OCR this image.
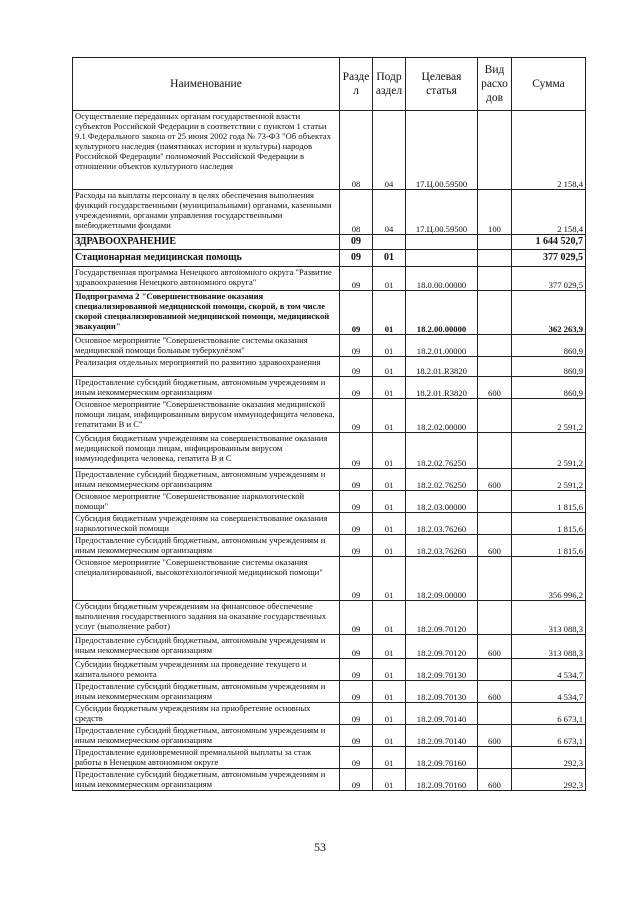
Наименование	Разде л	Подр аздел	Целевая статья	Вид расхо дов	Сумма
Осуществление переданных органам государственной власти субъектов Российской Федерации в соответствии с пунктом 1 статьи 9.1 Федерального закона от 25 июня 2002 года № 73-ФЗ "Об объектах культурного наследия (памятниках истории и культуры) народов Российской Федерации" полномочий Российской Федерации в отношении объектов культурного наследия	08	04	17.Ц.00.59500		2 158,4
Расходы на выплаты персоналу в целях обеспечения выполнения функций государственными (муниципальными) органами, казенными учреждениями, органами управления государственными внебюджетными фондами	08	04	17.Ц.00.59500	100	2 158,4
ЗДРАВООХРАНЕНИЕ	09				1 644 520,7
Стационарная медицинская помощь	09	01			377 029,5
Государственная программа Ненецкого автономного округа "Развитие здравоохранения Ненецкого автономного округа"	09	01	18.0.00.00000		377 029,5
Подпрограмма 2 "Совершенствование оказания специализированной медицинской помощи, скорой, в том числе скорой специализированной медицинской помощи, медицинской эвакуации"	09	01	18.2.00.00000		362 263,9
Основное мероприятие "Совершенствование системы оказания медицинской помощи больным туберкулёзом"	09	01	18.2.01.00000		860,9
Реализация отдельных мероприятий по развитию здравоохранения	09	01	18.2.01.R3820		860,9
Предоставление субсидий бюджетным, автономным учреждениям и иным некоммерческим организациям	09	01	18.2.01.R3820	600	860,9
Основное мероприятие "Совершенствование оказания медицинской помощи лицам, инфицированным вирусом иммунодефицита человека, гепатитами В и С"	09	01	18.2.02.00000		2 591,2
Субсидия бюджетным учреждениям на совершенствование оказания медицинской помощи лицам, инфицированным вирусом иммунодефицита человека, гепатита В и С	09	01	18.2.02.76250		2 591,2
Предоставление субсидий бюджетным, автономным учреждениям и иным некоммерческим организациям	09	01	18.2.02.76250	600	2 591,2
Основное мероприятие "Совершенствование наркологической помощи"	09	01	18.2.03.00000		1 815,6
Субсидия бюджетным учреждениям на совершенствование оказания наркологической помощи	09	01	18.2.03.76260		1 815,6
Предоставление субсидий бюджетным, автономным учреждениям и иным некоммерческим организациям	09	01	18.2.03.76260	600	1 815,6
Основное мероприятие "Совершенствование системы оказания специализированной, высокотехнологичной медицинской помощи"	09	01	18.2.09.00000		356 996,2
Субсидии бюджетным учреждениям на финансовое обеспечение выполнения государственного задания на оказание государственных услуг (выполнение работ)	09	01	18.2.09.70120		313 088,3
Предоставление субсидий бюджетным, автономным учреждениям и иным некоммерческим организациям	09	01	18.2.09.70120	600	313 088,3
Субсидии бюджетным учреждениям на проведение текущего и капитального ремонта	09	01	18.2.09.70130		4 534,7
Предоставление субсидий бюджетным, автономным учреждениям и иным некоммерческим организациям	09	01	18.2.09.70130	600	4 534,7
Субсидии бюджетным учреждениям на приобретение основных средств	09	01	18.2.09.70140		6 673,1
Предоставление субсидий бюджетным, автономным учреждениям и иным некоммерческим организациям	09	01	18.2.09.70140	600	6 673,1
Предоставление единовременной премиальной выплаты за стаж работы в Ненецком автономном округе	09	01	18.2.09.70160		292,3
Предоставление субсидий бюджетным, автономным учреждениям и иным некоммерческим организациям	09	01	18.2.09.70160	600	292,3
53
